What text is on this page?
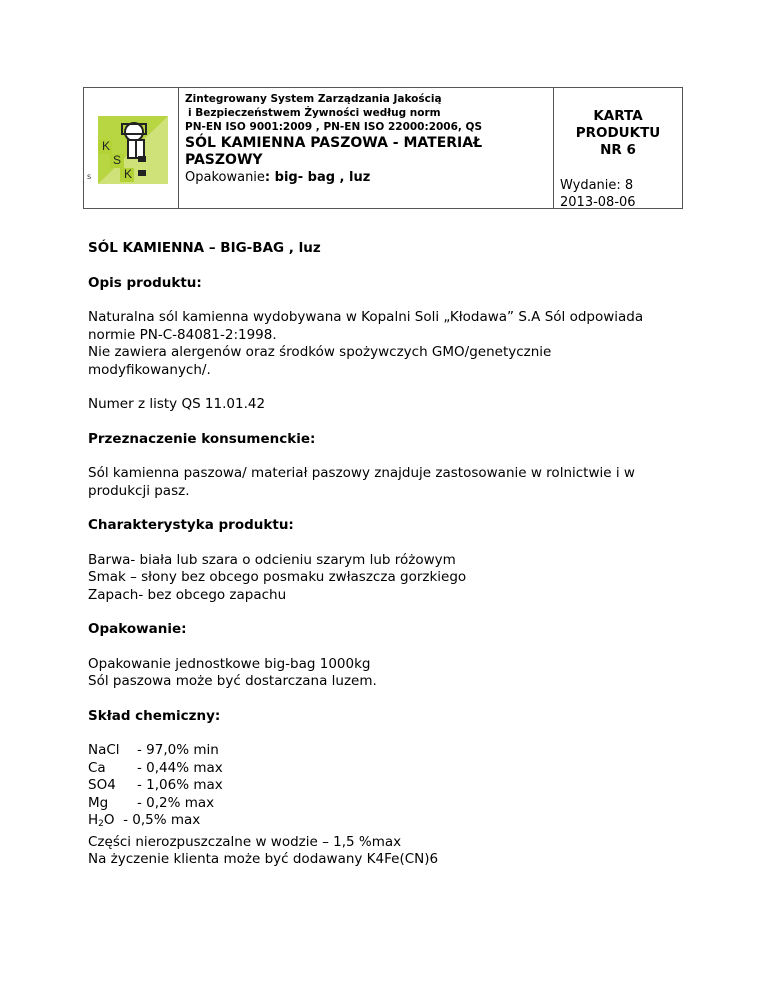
K
S
K
s
Zintegrowany System Zarządzania Jakością
i Bezpieczeństwem Żywności według norm
PN-EN ISO 9001:2009 , PN-EN ISO 22000:2006, QS
SÓL KAMIENNA PASZOWA - MATERIAŁ PASZOWY
Opakowanie: big- bag , luz
KARTA
PRODUKTU
NR 6
Wydanie: 8
2013-08-06

SÓL KAMIENNA – BIG-BAG , luz

Opis produktu:

Naturalna sól kamienna wydobywana w Kopalni Soli „Kłodawa” S.A Sól odpowiada

normie PN-C-84081-2:1998.

Nie zawiera alergenów oraz środków spożywczych GMO/genetycznie

modyfikowanych/.

Numer z listy QS 11.01.42

Przeznaczenie konsumenckie:

Sól kamienna paszowa/ materiał paszowy znajduje zastosowanie w rolnictwie i w

produkcji pasz.

Charakterystyka produktu:

Barwa- biała lub szara o odcieniu szarym lub różowym

Smak – słony bez obcego posmaku zwłaszcza gorzkiego

Zapach- bez obcego zapachu

Opakowanie:

Opakowanie jednostkowe big-bag 1000kg

Sól paszowa może być dostarczana luzem.

Skład chemiczny:

NaCl - 97,0% min

Ca - 0,44% max

SO4 - 1,06% max

Mg - 0,2% max

$H_2O - 0,5\%$ max

Części nierozpuszczalne w wodzie – 1,5 %max

Na życzenie klienta może być dodawany K4Fe(CN)6
